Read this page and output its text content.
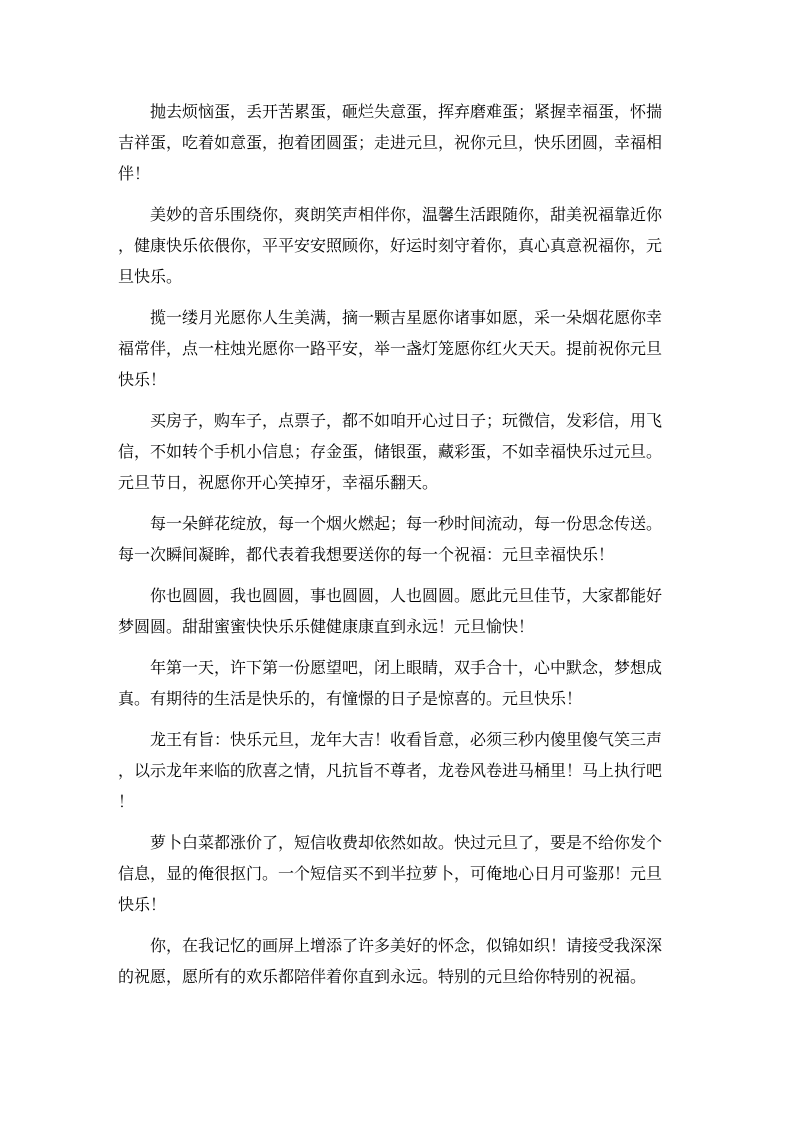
抛去烦恼蛋，丢开苦累蛋，砸烂失意蛋，挥弃磨难蛋；紧握幸福蛋，怀揣吉祥蛋，吃着如意蛋，抱着团圆蛋；走进元旦，祝你元旦，快乐团圆，幸福相伴！

美妙的音乐围绕你，爽朗笑声相伴你，温馨生活跟随你，甜美祝福靠近你，健康快乐依偎你，平平安安照顾你，好运时刻守着你，真心真意祝福你，元旦快乐。

揽一缕月光愿你人生美满，摘一颗吉星愿你诸事如愿，采一朵烟花愿你幸福常伴，点一柱烛光愿你一路平安，举一盏灯笼愿你红火天天。提前祝你元旦快乐！

买房子，购车子，点票子，都不如咱开心过日子；玩微信，发彩信，用飞信，不如转个手机小信息；存金蛋，储银蛋，藏彩蛋，不如幸福快乐过元旦。元旦节日，祝愿你开心笑掉牙，幸福乐翻天。

每一朵鲜花绽放，每一个烟火燃起；每一秒时间流动，每一份思念传送。每一次瞬间凝眸，都代表着我想要送你的每一个祝福：元旦幸福快乐！

你也圆圆，我也圆圆，事也圆圆，人也圆圆。愿此元旦佳节，大家都能好梦圆圆。甜甜蜜蜜快快乐乐健健康康直到永远！元旦愉快！

年第一天，许下第一份愿望吧，闭上眼睛，双手合十，心中默念，梦想成真。有期待的生活是快乐的，有憧憬的日子是惊喜的。元旦快乐！

龙王有旨：快乐元旦，龙年大吉！收看旨意，必须三秒内傻里傻气笑三声，以示龙年来临的欣喜之情，凡抗旨不尊者，龙卷风卷进马桶里！马上执行吧！

萝卜白菜都涨价了，短信收费却依然如故。快过元旦了，要是不给你发个信息，显的俺很抠门。一个短信买不到半拉萝卜，可俺地心日月可鉴那！元旦快乐！

你，在我记忆的画屏上增添了许多美好的怀念，似锦如织！请接受我深深的祝愿，愿所有的欢乐都陪伴着你直到永远。特别的元旦给你特别的祝福。
